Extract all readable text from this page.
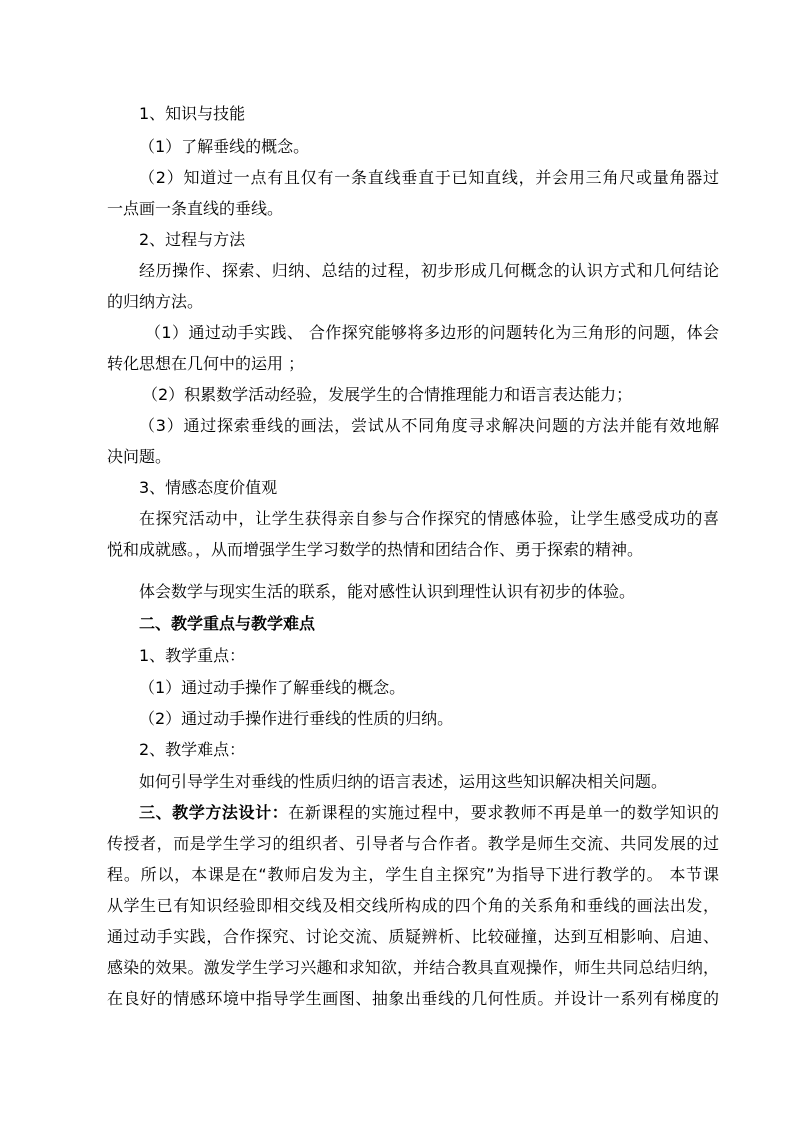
1、知识与技能
（1）了解垂线的概念。
（2）知道过一点有且仅有一条直线垂直于已知直线，并会用三角尺或量角器过
一点画一条直线的垂线。
2、过程与方法
经历操作、探索、归纳、总结的过程，初步形成几何概念的认识方式和几何结论
的归纳方法。
（1）通过动手实践、 合作探究能够将多边形的问题转化为三角形的问题，体会
转化思想在几何中的运用 ；
（2）积累数学活动经验，发展学生的合情推理能力和语言表达能力；
（3）通过探索垂线的画法，尝试从不同角度寻求解决问题的方法并能有效地解
决问题。
3、情感态度价值观
在探究活动中，让学生获得亲自参与合作探究的情感体验，让学生感受成功的喜
悦和成就感。，从而增强学生学习数学的热情和团结合作、勇于探索的精神。
体会数学与现实生活的联系，能对感性认识到理性认识有初步的体验。
二、教学重点与教学难点
1、教学重点：
（1）通过动手操作了解垂线的概念。
（2）通过动手操作进行垂线的性质的归纳。
2、教学难点：
如何引导学生对垂线的性质归纳的语言表述，运用这些知识解决相关问题。
三、教学方法设计：在新课程的实施过程中，要求教师不再是单一的数学知识的
传授者，而是学生学习的组织者、引导者与合作者。教学是师生交流、共同发展的过
程。所以，本课是在“教师启发为主，学生自主探究”为指导下进行教学的。 本节课
从学生已有知识经验即相交线及相交线所构成的四个角的关系角和垂线的画法出发，
通过动手实践，合作探究、讨论交流、质疑辨析、比较碰撞，达到互相影响、启迪、
感染的效果。激发学生学习兴趣和求知欲，并结合教具直观操作，师生共同总结归纳，
在良好的情感环境中指导学生画图、抽象出垂线的几何性质。并设计一系列有梯度的
